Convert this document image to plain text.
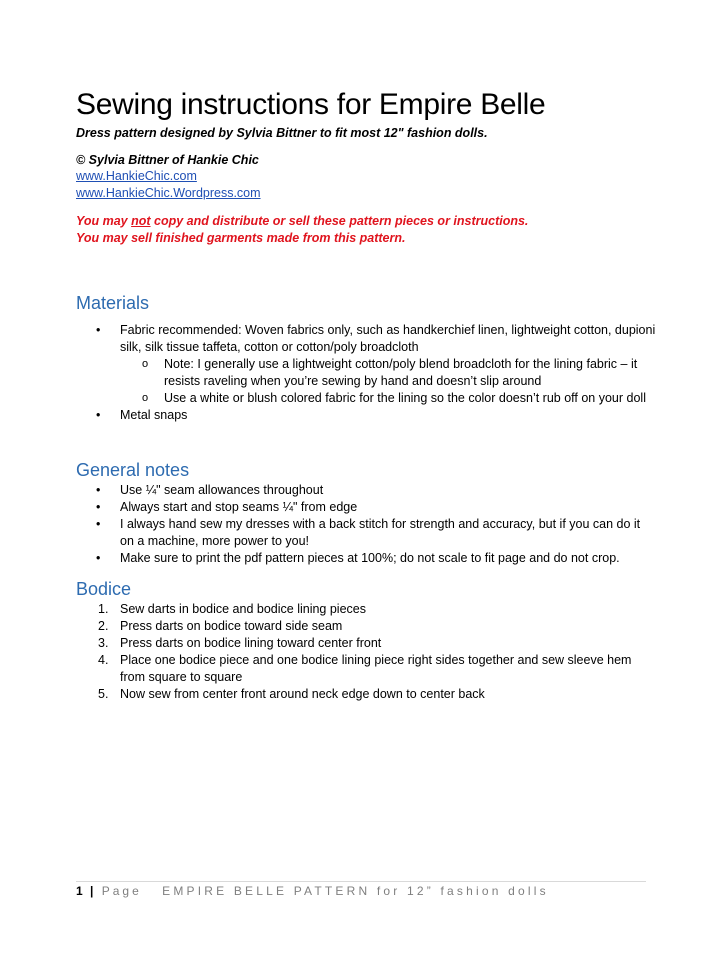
Sewing instructions for Empire Belle

Dress pattern designed by Sylvia Bittner to fit most 12" fashion dolls.

© Sylvia Bittner of Hankie Chic

www.HankieChic.com
www.HankieChic.Wordpress.com
You may not copy and distribute or sell these pattern pieces or instructions.
You may sell finished garments made from this pattern.
Materials
• Fabric recommended: Woven fabrics only, such as handkerchief linen, lightweight cotton, dupioni silk, silk tissue taffeta, cotton or cotton/poly broadcloth
o Note: I generally use a lightweight cotton/poly blend broadcloth for the lining fabric – it resists raveling when you’re sewing by hand and doesn’t slip around
o Use a white or blush colored fabric for the lining so the color doesn’t rub off on your doll
• Metal snaps
General notes
• Use ¼" seam allowances throughout
• Always start and stop seams ¼" from edge
• I always hand sew my dresses with a back stitch for strength and accuracy, but if you can do it on a machine, more power to you!
• Make sure to print the pdf pattern pieces at 100%; do not scale to fit page and do not crop.
Bodice
1. Sew darts in bodice and bodice lining pieces
2. Press darts on bodice toward side seam
3. Press darts on bodice lining toward center front
4. Place one bodice piece and one bodice lining piece right sides together and sew sleeve hem from square to square
5. Now sew from center front around neck edge down to center back
1 | Page EMPIRE BELLE PATTERN for 12” fashion dolls
